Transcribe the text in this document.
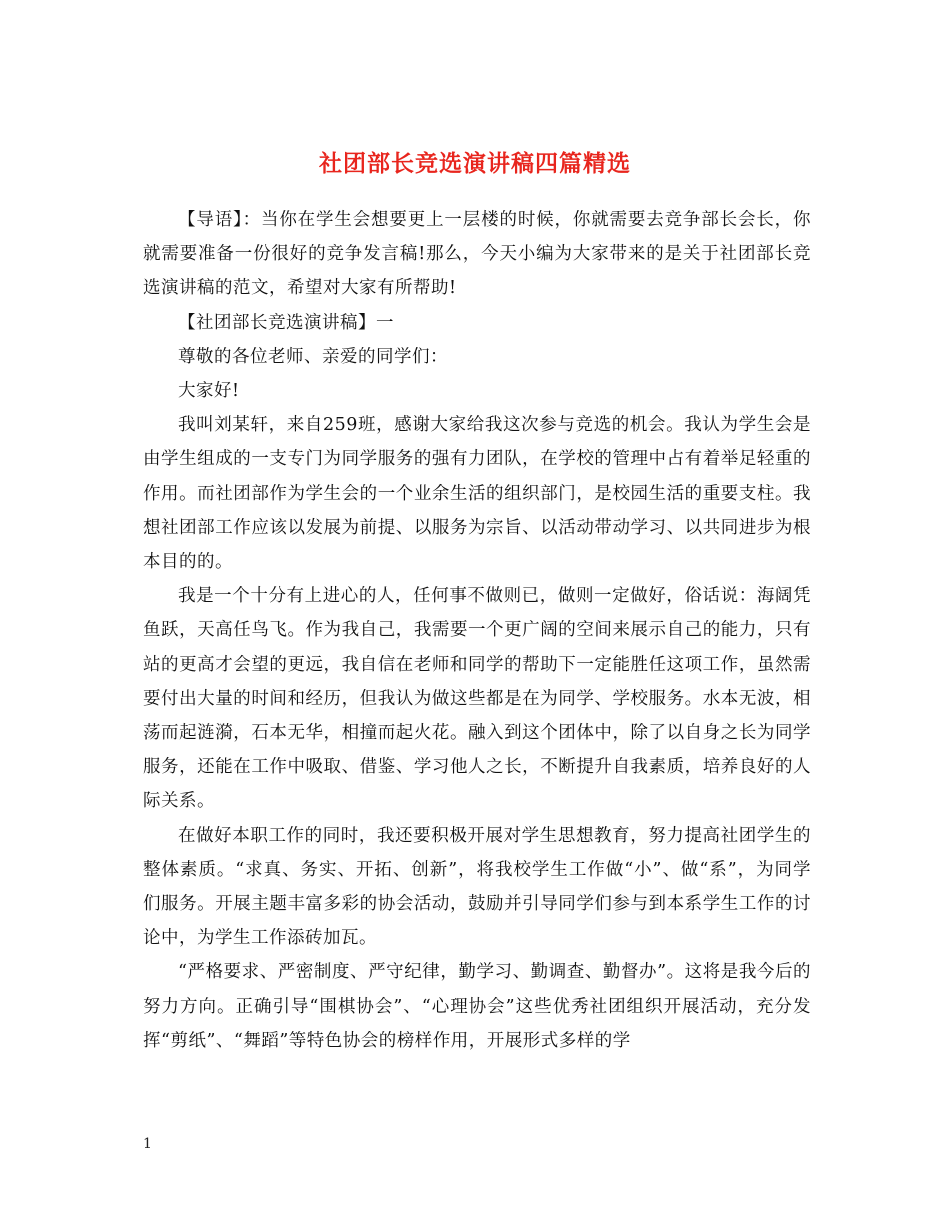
社团部长竞选演讲稿四篇精选

【导语】：当你在学生会想要更上一层楼的时候，你就需要去竞争部长会长，你就需要准备一份很好的竞争发言稿!那么，今天小编为大家带来的是关于社团部长竞选演讲稿的范文，希望对大家有所帮助!

【社团部长竞选演讲稿】一

尊敬的各位老师、亲爱的同学们：

大家好!

我叫刘某轩，来自259班，感谢大家给我这次参与竞选的机会。我认为学生会是由学生组成的一支专门为同学服务的强有力团队，在学校的管理中占有着举足轻重的作用。而社团部作为学生会的一个业余生活的组织部门，是校园生活的重要支柱。我想社团部工作应该以发展为前提、以服务为宗旨、以活动带动学习、以共同进步为根本目的的。

我是一个十分有上进心的人，任何事不做则已，做则一定做好，俗话说：海阔凭鱼跃，天高任鸟飞。作为我自己，我需要一个更广阔的空间来展示自己的能力，只有站的更高才会望的更远，我自信在老师和同学的帮助下一定能胜任这项工作，虽然需要付出大量的时间和经历，但我认为做这些都是在为同学、学校服务。水本无波，相荡而起涟漪，石本无华，相撞而起火花。融入到这个团体中，除了以自身之长为同学服务，还能在工作中吸取、借鉴、学习他人之长，不断提升自我素质，培养良好的人际关系。

在做好本职工作的同时，我还要积极开展对学生思想教育，努力提高社团学生的整体素质。“求真、务实、开拓、创新”，将我校学生工作做“小”、做“系”，为同学们服务。开展主题丰富多彩的协会活动，鼓励并引导同学们参与到本系学生工作的讨论中，为学生工作添砖加瓦。

“严格要求、严密制度、严守纪律，勤学习、勤调查、勤督办”。这将是我今后的努力方向。正确引导“围棋协会”、“心理协会”这些优秀社团组织开展活动，充分发挥“剪纸”、“舞蹈”等特色协会的榜样作用，开展形式多样的学

1
